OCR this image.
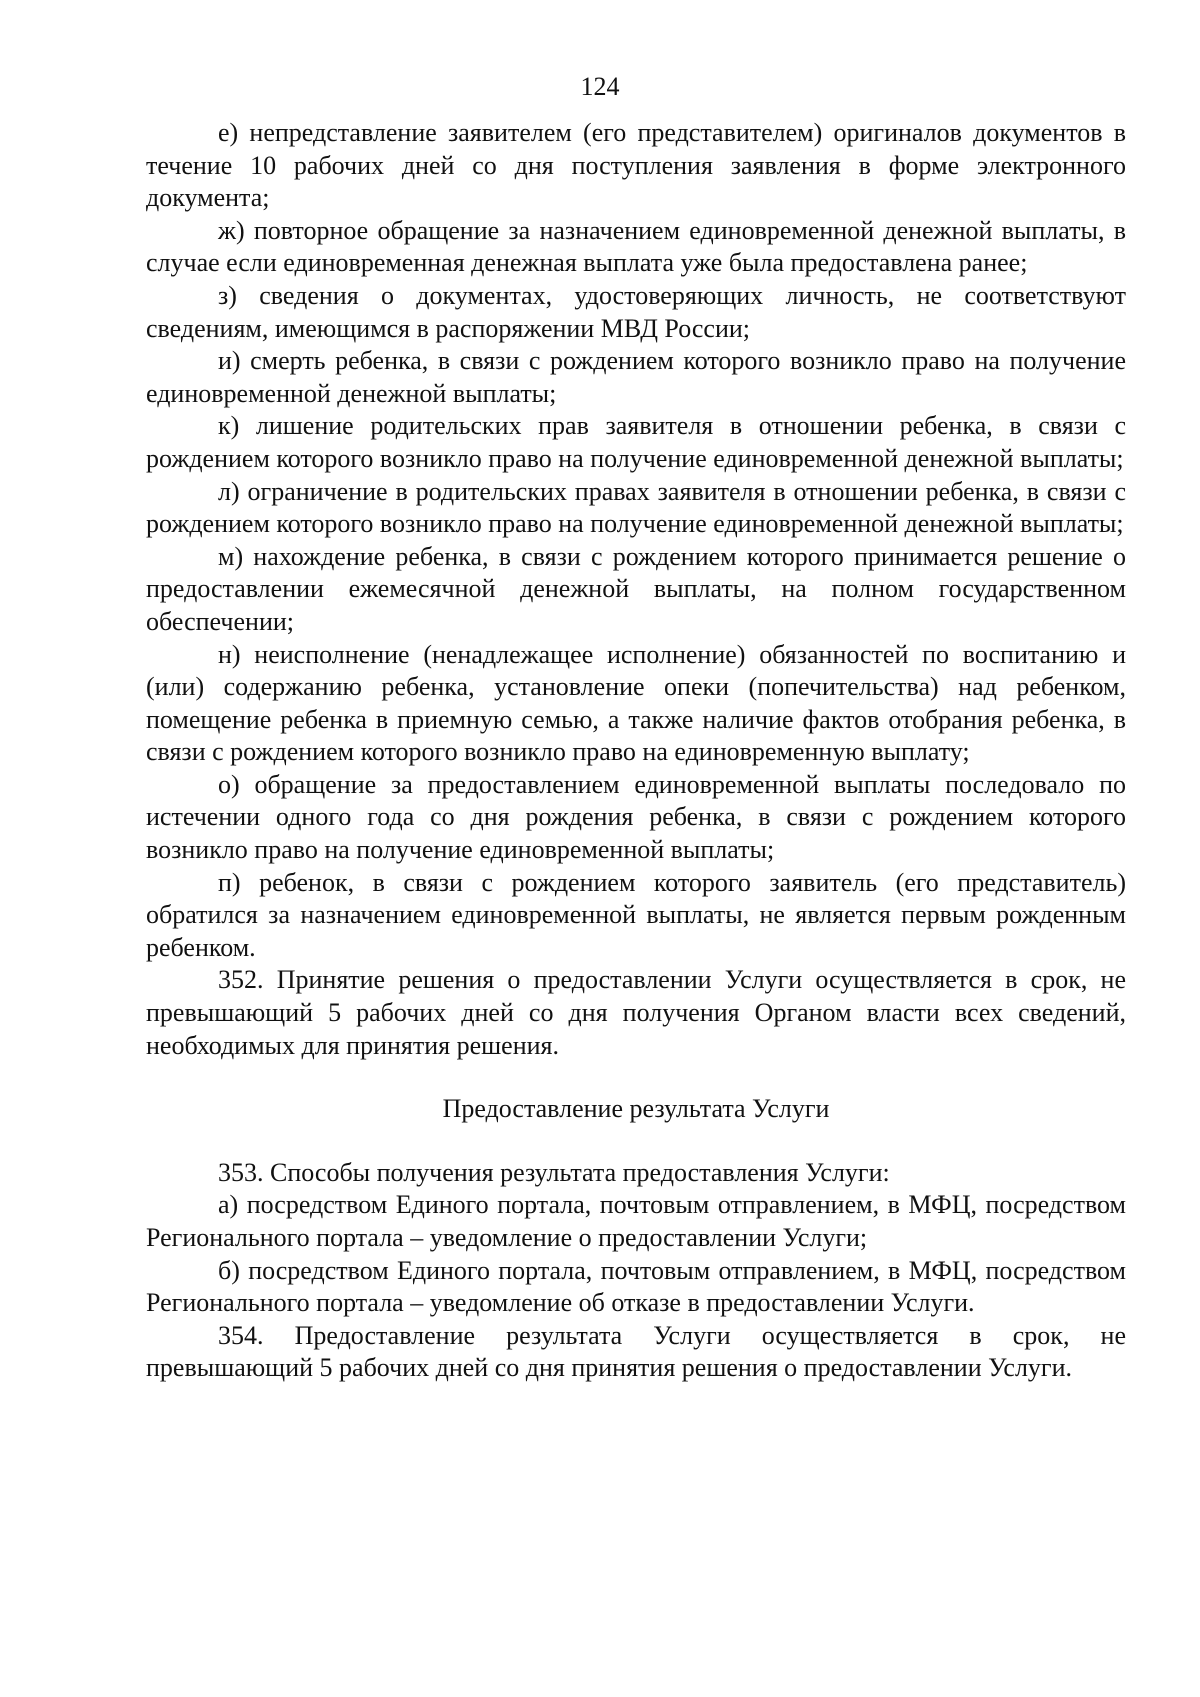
124

е) непредставление заявителем (его представителем) оригиналов документов в течение 10 рабочих дней со дня поступления заявления в форме электронного документа;

ж) повторное обращение за назначением единовременной денежной выплаты, в случае если единовременная денежная выплата уже была предоставлена ранее;

з) сведения о документах, удостоверяющих личность, не соответствуют сведениям, имеющимся в распоряжении МВД России;

и) смерть ребенка, в связи с рождением которого возникло право на получение единовременной денежной выплаты;

к) лишение родительских прав заявителя в отношении ребенка, в связи с рождением которого возникло право на получение единовременной денежной выплаты;

л) ограничение в родительских правах заявителя в отношении ребенка, в связи с рождением которого возникло право на получение единовременной денежной выплаты;

м) нахождение ребенка, в связи с рождением которого принимается решение о предоставлении ежемесячной денежной выплаты, на полном государственном обеспечении;

н) неисполнение (ненадлежащее исполнение) обязанностей по воспитанию и (или) содержанию ребенка, установление опеки (попечительства) над ребенком, помещение ребенка в приемную семью, а также наличие фактов отобрания ребенка, в связи с рождением которого возникло право на единовременную выплату;

о) обращение за предоставлением единовременной выплаты последовало по истечении одного года со дня рождения ребенка, в связи с рождением которого возникло право на получение единовременной выплаты;

п) ребенок, в связи с рождением которого заявитель (его представитель) обратился за назначением единовременной выплаты, не является первым рожденным ребенком.

352. Принятие решения о предоставлении Услуги осуществляется в срок, не превышающий 5 рабочих дней со дня получения Органом власти всех сведений, необходимых для принятия решения.

Предоставление результата Услуги

353. Способы получения результата предоставления Услуги:

а) посредством Единого портала, почтовым отправлением, в МФЦ, посредством Регионального портала – уведомление о предоставлении Услуги;

б) посредством Единого портала, почтовым отправлением, в МФЦ, посредством Регионального портала – уведомление об отказе в предоставлении Услуги.

354. Предоставление результата Услуги осуществляется в срок, не превышающий 5 рабочих дней со дня принятия решения о предоставлении Услуги.
